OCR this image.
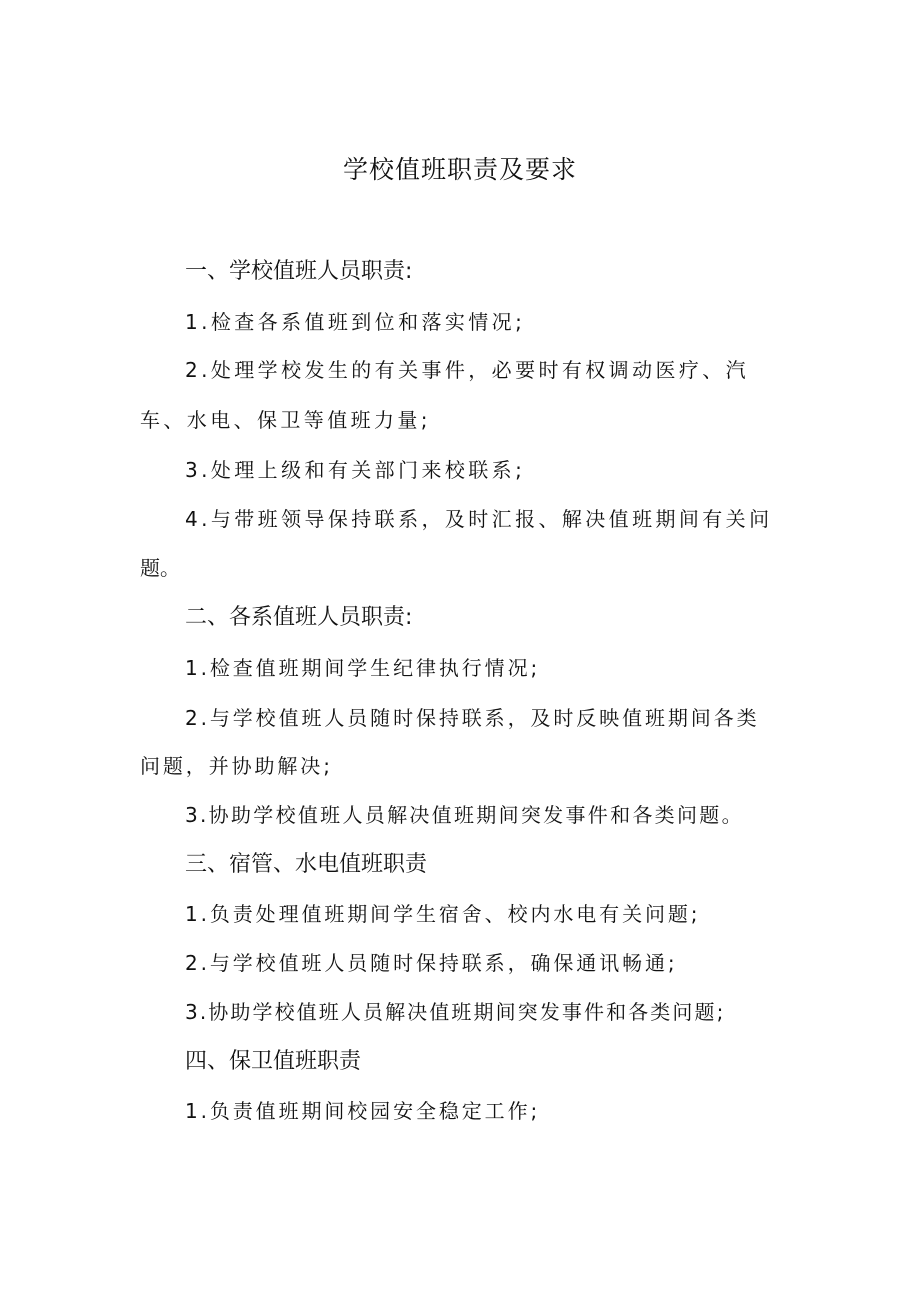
学校值班职责及要求
一、学校值班人员职责:
1.检查各系值班到位和落实情况;
2.处理学校发生的有关事件，必要时有权调动医疗、汽
车、水电、保卫等值班力量;
3.处理上级和有关部门来校联系;
4.与带班领导保持联系，及时汇报、解决值班期间有关问
题。
二、各系值班人员职责:
1.检查值班期间学生纪律执行情况;
2.与学校值班人员随时保持联系，及时反映值班期间各类
问题，并协助解决;
3.协助学校值班人员解决值班期间突发事件和各类问题。
三、宿管、水电值班职责
1.负责处理值班期间学生宿舍、校内水电有关问题;
2.与学校值班人员随时保持联系，确保通讯畅通;
3.协助学校值班人员解决值班期间突发事件和各类问题;
四、保卫值班职责
1.负责值班期间校园安全稳定工作;
